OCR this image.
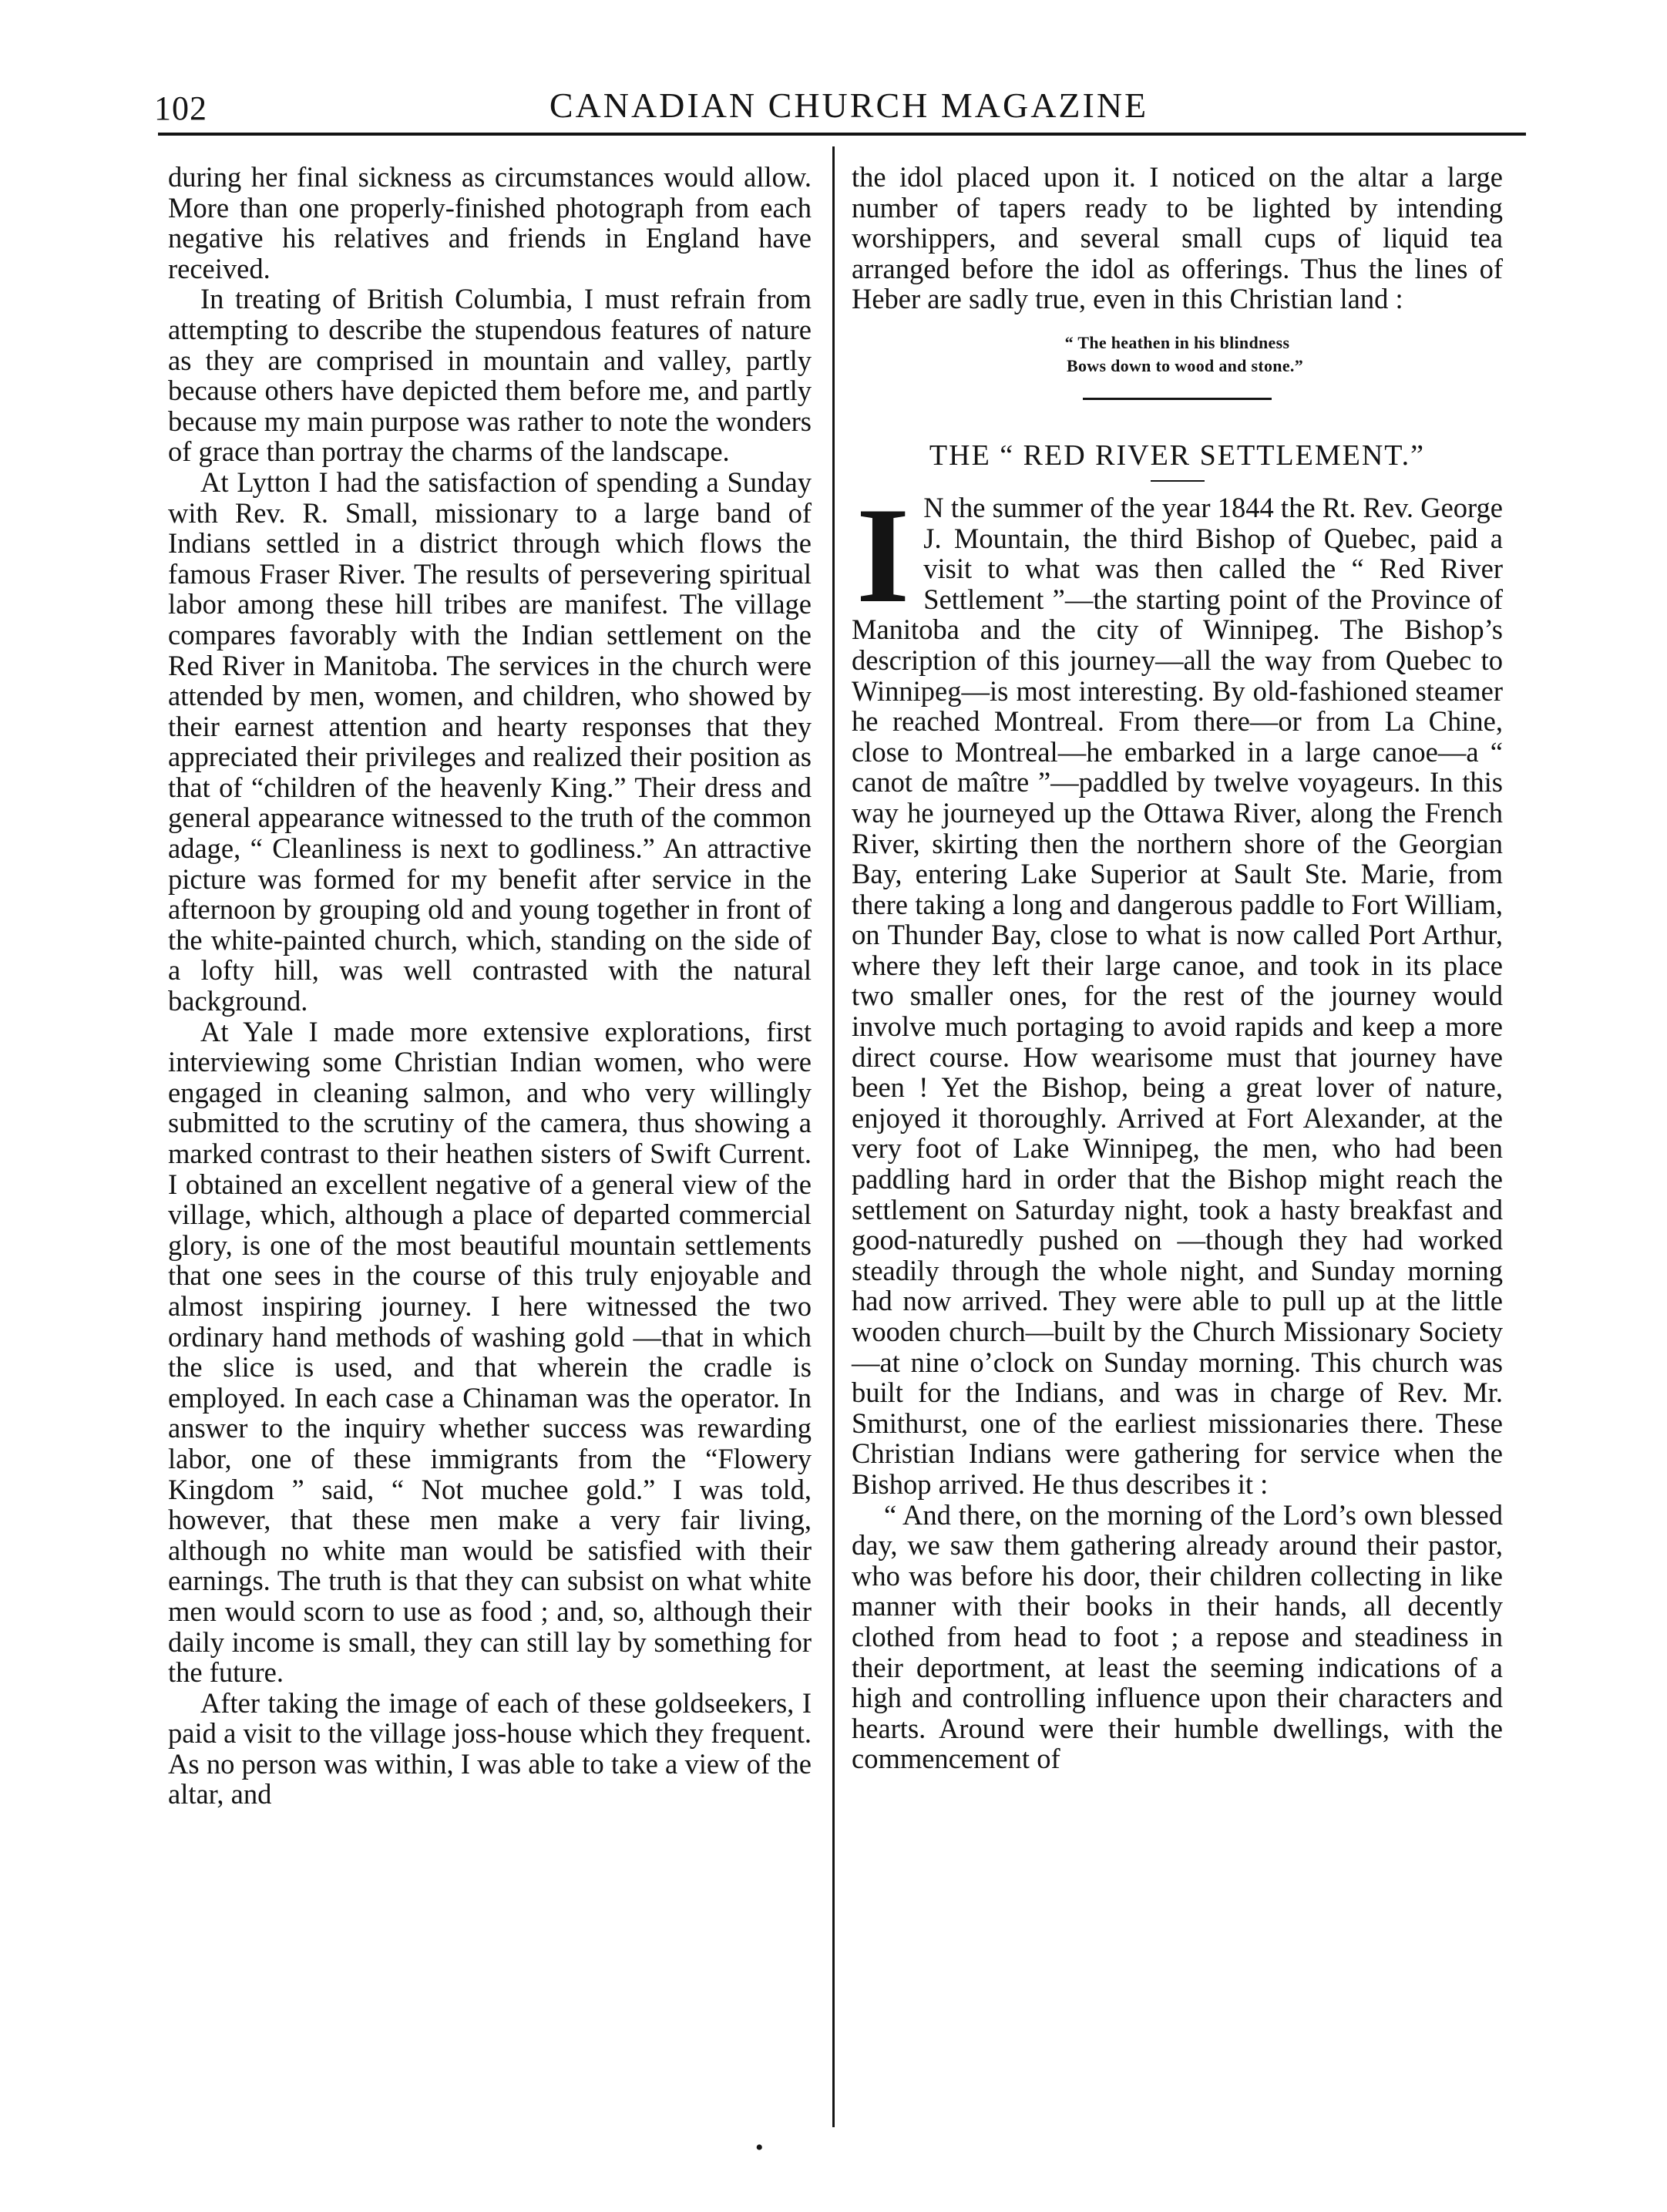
102	CANADIAN CHURCH MAGAZINE

during her final sickness as circumstances would allow. More than one properly-finished photograph from each negative his relatives and friends in England have received.

In treating of British Columbia, I must refrain from attempting to describe the stupendous features of nature as they are comprised in mountain and valley, partly because others have depicted them before me, and partly because my main purpose was rather to note the wonders of grace than portray the charms of the landscape.

At Lytton I had the satisfaction of spending a Sunday with Rev. R. Small, missionary to a large band of Indians settled in a district through which flows the famous Fraser River. The results of persevering spiritual labor among these hill tribes are manifest. The village compares favorably with the Indian settlement on the Red River in Manitoba. The services in the church were attended by men, women, and children, who showed by their earnest attention and hearty responses that they appreciated their privileges and realized their position as that of “children of the heavenly King.” Their dress and general appearance witnessed to the truth of the common adage, “ Cleanliness is next to godliness.” An attractive picture was formed for my benefit after service in the afternoon by grouping old and young together in front of the white-painted church, which, standing on the side of a lofty hill, was well contrasted with the natural background.

At Yale I made more extensive explorations, first interviewing some Christian Indian women, who were engaged in cleaning salmon, and who very willingly submitted to the scrutiny of the camera, thus showing a marked contrast to their heathen sisters of Swift Current. I obtained an excellent negative of a general view of the village, which, although a place of departed commercial glory, is one of the most beautiful mountain settlements that one sees in the course of this truly enjoyable and almost inspiring journey. I here witnessed the two ordinary hand methods of washing gold —that in which the slice is used, and that wherein the cradle is employed. In each case a Chinaman was the operator. In answer to the inquiry whether success was rewarding labor, one of these immigrants from the “Flowery Kingdom ” said, “ Not muchee gold.” I was told, however, that these men make a very fair living, although no white man would be satisfied with their earnings. The truth is that they can subsist on what white men would scorn to use as food ; and, so, although their daily income is small, they can still lay by something for the future.

After taking the image of each of these goldseekers, I paid a visit to the village joss-house which they frequent. As no person was within, I was able to take a view of the altar, and

the idol placed upon it. I noticed on the altar a large number of tapers ready to be lighted by intending worshippers, and several small cups of liquid tea arranged before the idol as offerings. Thus the lines of Heber are sadly true, even in this Christian land :

“ The heathen in his blindness
Bows down to wood and stone.”
THE “ RED RIVER SETTLEMENT.”

I N the summer of the year 1844 the Rt. Rev. George J. Mountain, the third Bishop of Quebec, paid a visit to what was then called the “ Red River Settlement ”—the starting point of the Province of Manitoba and the city of Winnipeg. The Bishop’s description of this journey—all the way from Quebec to Winnipeg—is most interesting. By old-fashioned steamer he reached Montreal. From there—or from La Chine, close to Montreal—he embarked in a large canoe—a “ canot de maître ”—paddled by twelve voyageurs. In this way he journeyed up the Ottawa River, along the French River, skirting then the northern shore of the Georgian Bay, entering Lake Superior at Sault Ste. Marie, from there taking a long and dangerous paddle to Fort William, on Thunder Bay, close to what is now called Port Arthur, where they left their large canoe, and took in its place two smaller ones, for the rest of the journey would involve much portaging to avoid rapids and keep a more direct course. How wearisome must that journey have been ! Yet the Bishop, being a great lover of nature, enjoyed it thoroughly. Arrived at Fort Alexander, at the very foot of Lake Winnipeg, the men, who had been paddling hard in order that the Bishop might reach the settlement on Saturday night, took a hasty breakfast and good-naturedly pushed on —though they had worked steadily through the whole night, and Sunday morning had now arrived. They were able to pull up at the little wooden church—built by the Church Missionary Society—at nine o’clock on Sunday morning. This church was built for the Indians, and was in charge of Rev. Mr. Smithurst, one of the earliest missionaries there. These Christian Indians were gathering for service when the Bishop arrived. He thus describes it :

“ And there, on the morning of the Lord’s own blessed day, we saw them gathering already around their pastor, who was before his door, their children collecting in like manner with their books in their hands, all decently clothed from head to foot ; a repose and steadiness in their deportment, at least the seeming indications of a high and controlling influence upon their characters and hearts. Around were their humble dwellings, with the commencement of

•
